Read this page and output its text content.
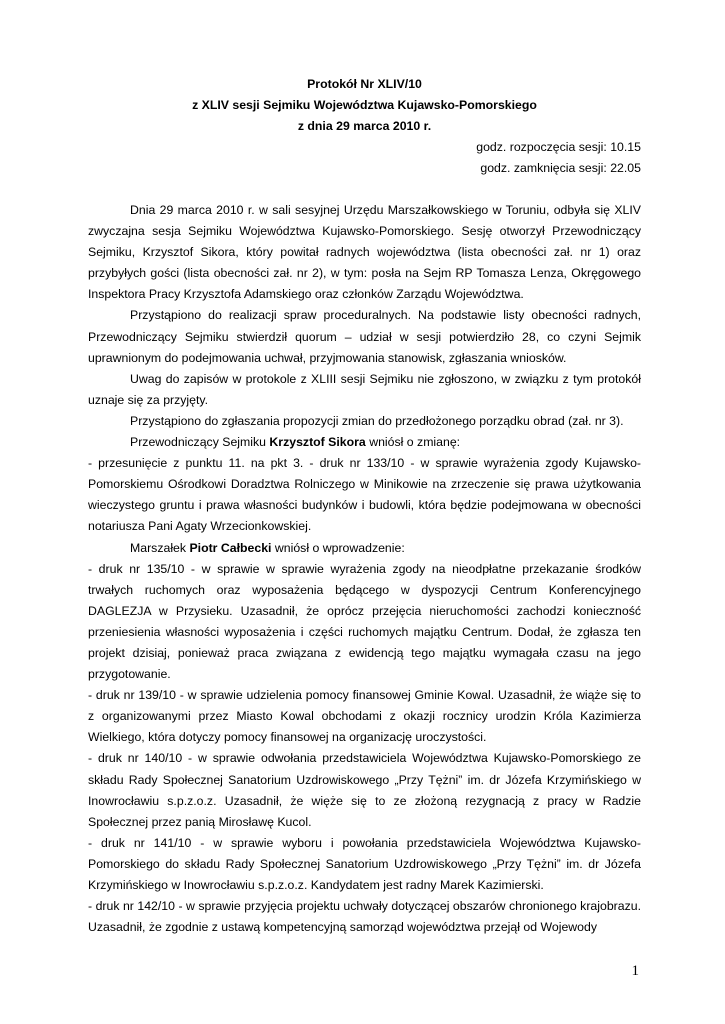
Protokół Nr XLIV/10
z XLIV sesji Sejmiku Województwa Kujawsko-Pomorskiego
z dnia 29 marca 2010 r.
godz. rozpoczęcia sesji: 10.15
godz. zamknięcia sesji: 22.05

Dnia 29 marca 2010 r. w sali sesyjnej Urzędu Marszałkowskiego w Toruniu, odbyła się XLIV zwyczajna sesja Sejmiku Województwa Kujawsko-Pomorskiego. Sesję otworzył Przewodniczący Sejmiku, Krzysztof Sikora, który powitał radnych województwa (lista obecności zał. nr 1) oraz przybyłych gości (lista obecności zał. nr 2), w tym: posła na Sejm RP Tomasza Lenza, Okręgowego Inspektora Pracy Krzysztofa Adamskiego oraz członków Zarządu Województwa.

Przystąpiono do realizacji spraw proceduralnych. Na podstawie listy obecności radnych, Przewodniczący Sejmiku stwierdził quorum – udział w sesji potwierdziło 28, co czyni Sejmik uprawnionym do podejmowania uchwał, przyjmowania stanowisk, zgłaszania wniosków.

Uwag do zapisów w protokole z XLIII sesji Sejmiku nie zgłoszono, w związku z tym protokół uznaje się za przyjęty.

Przystąpiono do zgłaszania propozycji zmian do przedłożonego porządku obrad (zał. nr 3).

Przewodniczący Sejmiku Krzysztof Sikora wniósł o zmianę:

- przesunięcie z punktu 11. na pkt 3. - druk nr 133/10 - w sprawie wyrażenia zgody Kujawsko-Pomorskiemu Ośrodkowi Doradztwa Rolniczego w Minikowie na zrzeczenie się prawa użytkowania wieczystego gruntu i prawa własności budynków i budowli, która będzie podejmowana w obecności notariusza Pani Agaty Wrzecionkowskiej.

Marszałek Piotr Całbecki wniósł o wprowadzenie:

- druk nr 135/10 - w sprawie w sprawie wyrażenia zgody na nieodpłatne przekazanie środków trwałych ruchomych oraz wyposażenia będącego w dyspozycji Centrum Konferencyjnego DAGLEZJA w Przysieku. Uzasadnił, że oprócz przejęcia nieruchomości zachodzi konieczność przeniesienia własności wyposażenia i części ruchomych majątku Centrum. Dodał, że zgłasza ten projekt dzisiaj, ponieważ praca związana z ewidencją tego majątku wymagała czasu na jego przygotowanie.

- druk nr 139/10 - w sprawie udzielenia pomocy finansowej Gminie Kowal. Uzasadnił, że wiąże się to z organizowanymi przez Miasto Kowal obchodami z okazji rocznicy urodzin Króla Kazimierza Wielkiego, która dotyczy pomocy finansowej na organizację uroczystości.

- druk nr 140/10 - w sprawie odwołania przedstawiciela Województwa Kujawsko-Pomorskiego ze składu Rady Społecznej Sanatorium Uzdrowiskowego „Przy Tężni” im. dr Józefa Krzymińskiego w Inowrocławiu s.p.z.o.z. Uzasadnił, że więże się to ze złożoną rezygnacją z pracy w Radzie Społecznej przez panią Mirosławę Kucol.

- druk nr 141/10 - w sprawie wyboru i powołania przedstawiciela Województwa Kujawsko-Pomorskiego do składu Rady Społecznej Sanatorium Uzdrowiskowego „Przy Tężni” im. dr Józefa Krzymińskiego w Inowrocławiu s.p.z.o.z. Kandydatem jest radny Marek Kazimierski.

- druk nr 142/10 - w sprawie przyjęcia projektu uchwały dotyczącej obszarów chronionego krajobrazu. Uzasadnił, że zgodnie z ustawą kompetencyjną samorząd województwa przejął od Wojewody

1
